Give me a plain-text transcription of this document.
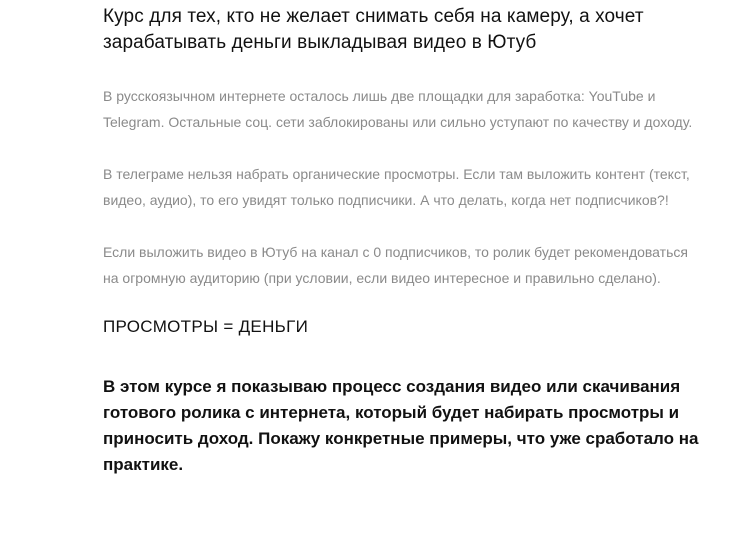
Курс для тех, кто не желает снимать себя на камеру, а хочет зарабатывать деньги выкладывая видео в Ютуб

В русскоязычном интернете осталось лишь две площадки для заработка: YouTube и Telegram. Остальные соц. сети заблокированы или сильно уступают по качеству и доходу.

В телеграме нельзя набрать органические просмотры. Если там выложить контент (текст, видео, аудио), то его увидят только подписчики. А что делать, когда нет подписчиков?!

Если выложить видео в Ютуб на канал с 0 подписчиков, то ролик будет рекомендоваться на огромную аудиторию (при условии, если видео интересное и правильно сделано).

ПРОСМОТРЫ = ДЕНЬГИ

В этом курсе я показываю процесс создания видео или скачивания готового ролика с интернета, который будет набирать просмотры и приносить доход. Покажу конкретные примеры, что уже сработало на практике.
